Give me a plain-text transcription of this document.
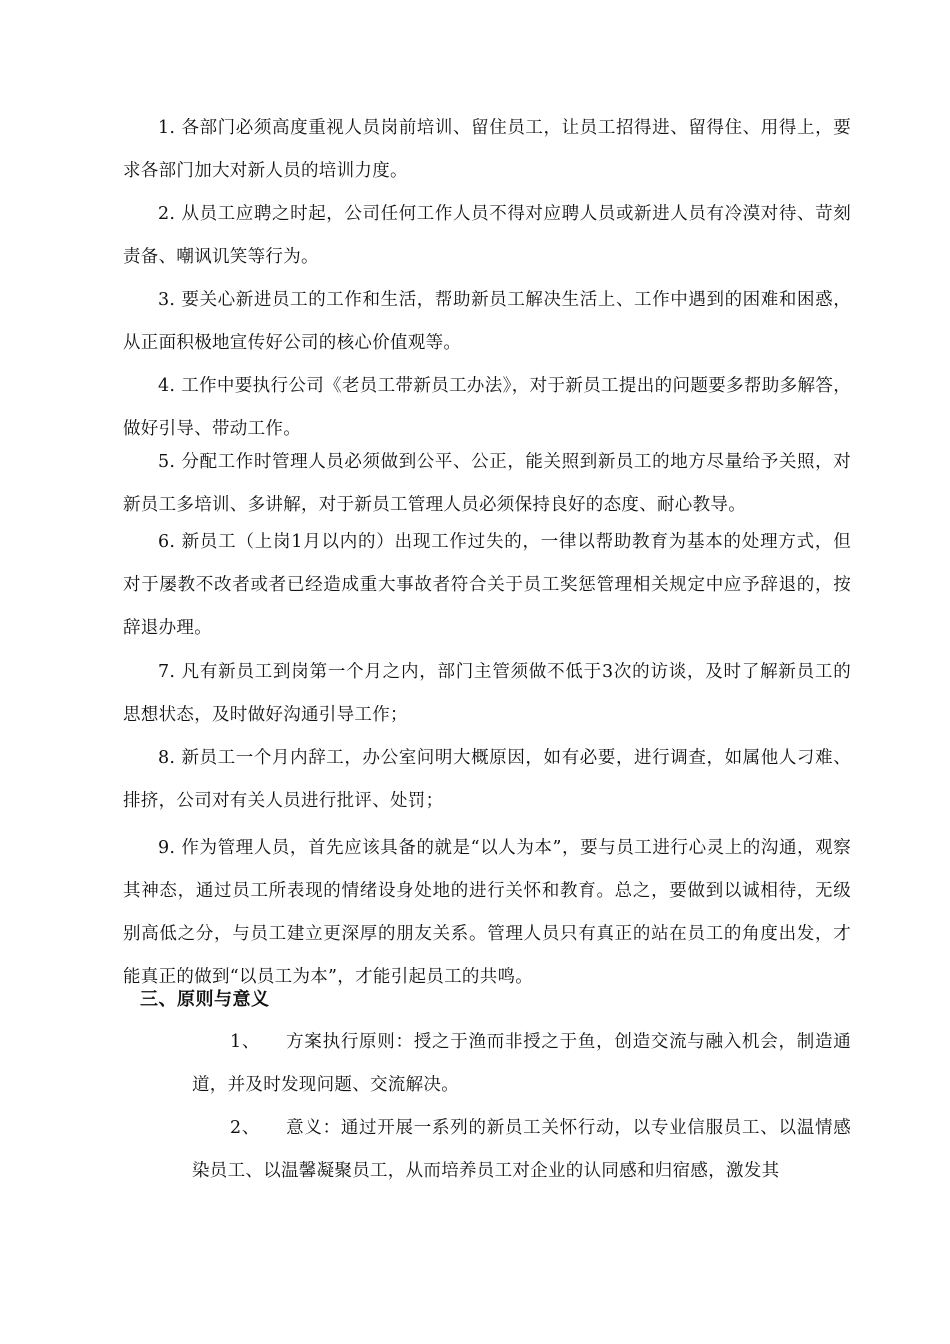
1. 各部门必须高度重视人员岗前培训、留住员工，让员工招得进、留得住、用得上，要求各部门加大对新人员的培训力度。

2. 从员工应聘之时起，公司任何工作人员不得对应聘人员或新进人员有冷漠对待、苛刻责备、嘲讽讥笑等行为。

3. 要关心新进员工的工作和生活，帮助新员工解决生活上、工作中遇到的困难和困惑，从正面积极地宣传好公司的核心价值观等。

4. 工作中要执行公司《老员工带新员工办法》，对于新员工提出的问题要多帮助多解答，做好引导、带动工作。

5. 分配工作时管理人员必须做到公平、公正，能关照到新员工的地方尽量给予关照，对新员工多培训、多讲解，对于新员工管理人员必须保持良好的态度、耐心教导。

6. 新员工（上岗1月以内的）出现工作过失的，一律以帮助教育为基本的处理方式，但对于屡教不改者或者已经造成重大事故者符合关于员工奖惩管理相关规定中应予辞退的，按辞退办理。

7. 凡有新员工到岗第一个月之内，部门主管须做不低于3次的访谈，及时了解新员工的思想状态，及时做好沟通引导工作；

8. 新员工一个月内辞工，办公室问明大概原因，如有必要，进行调查，如属他人刁难、排挤，公司对有关人员进行批评、处罚；

9. 作为管理人员，首先应该具备的就是“以人为本”，要与员工进行心灵上的沟通，观察其神态，通过员工所表现的情绪设身处地的进行关怀和教育。总之，要做到以诚相待，无级别高低之分，与员工建立更深厚的朋友关系。管理人员只有真正的站在员工的角度出发，才能真正的做到“以员工为本”，才能引起员工的共鸣。

三、原则与意义

1、 方案执行原则：授之于渔而非授之于鱼，创造交流与融入机会，制造通道，并及时发现问题、交流解决。

2、 意义：通过开展一系列的新员工关怀行动，以专业信服员工、以温情感染员工、以温馨凝聚员工，从而培养员工对企业的认同感和归宿感，激发其
